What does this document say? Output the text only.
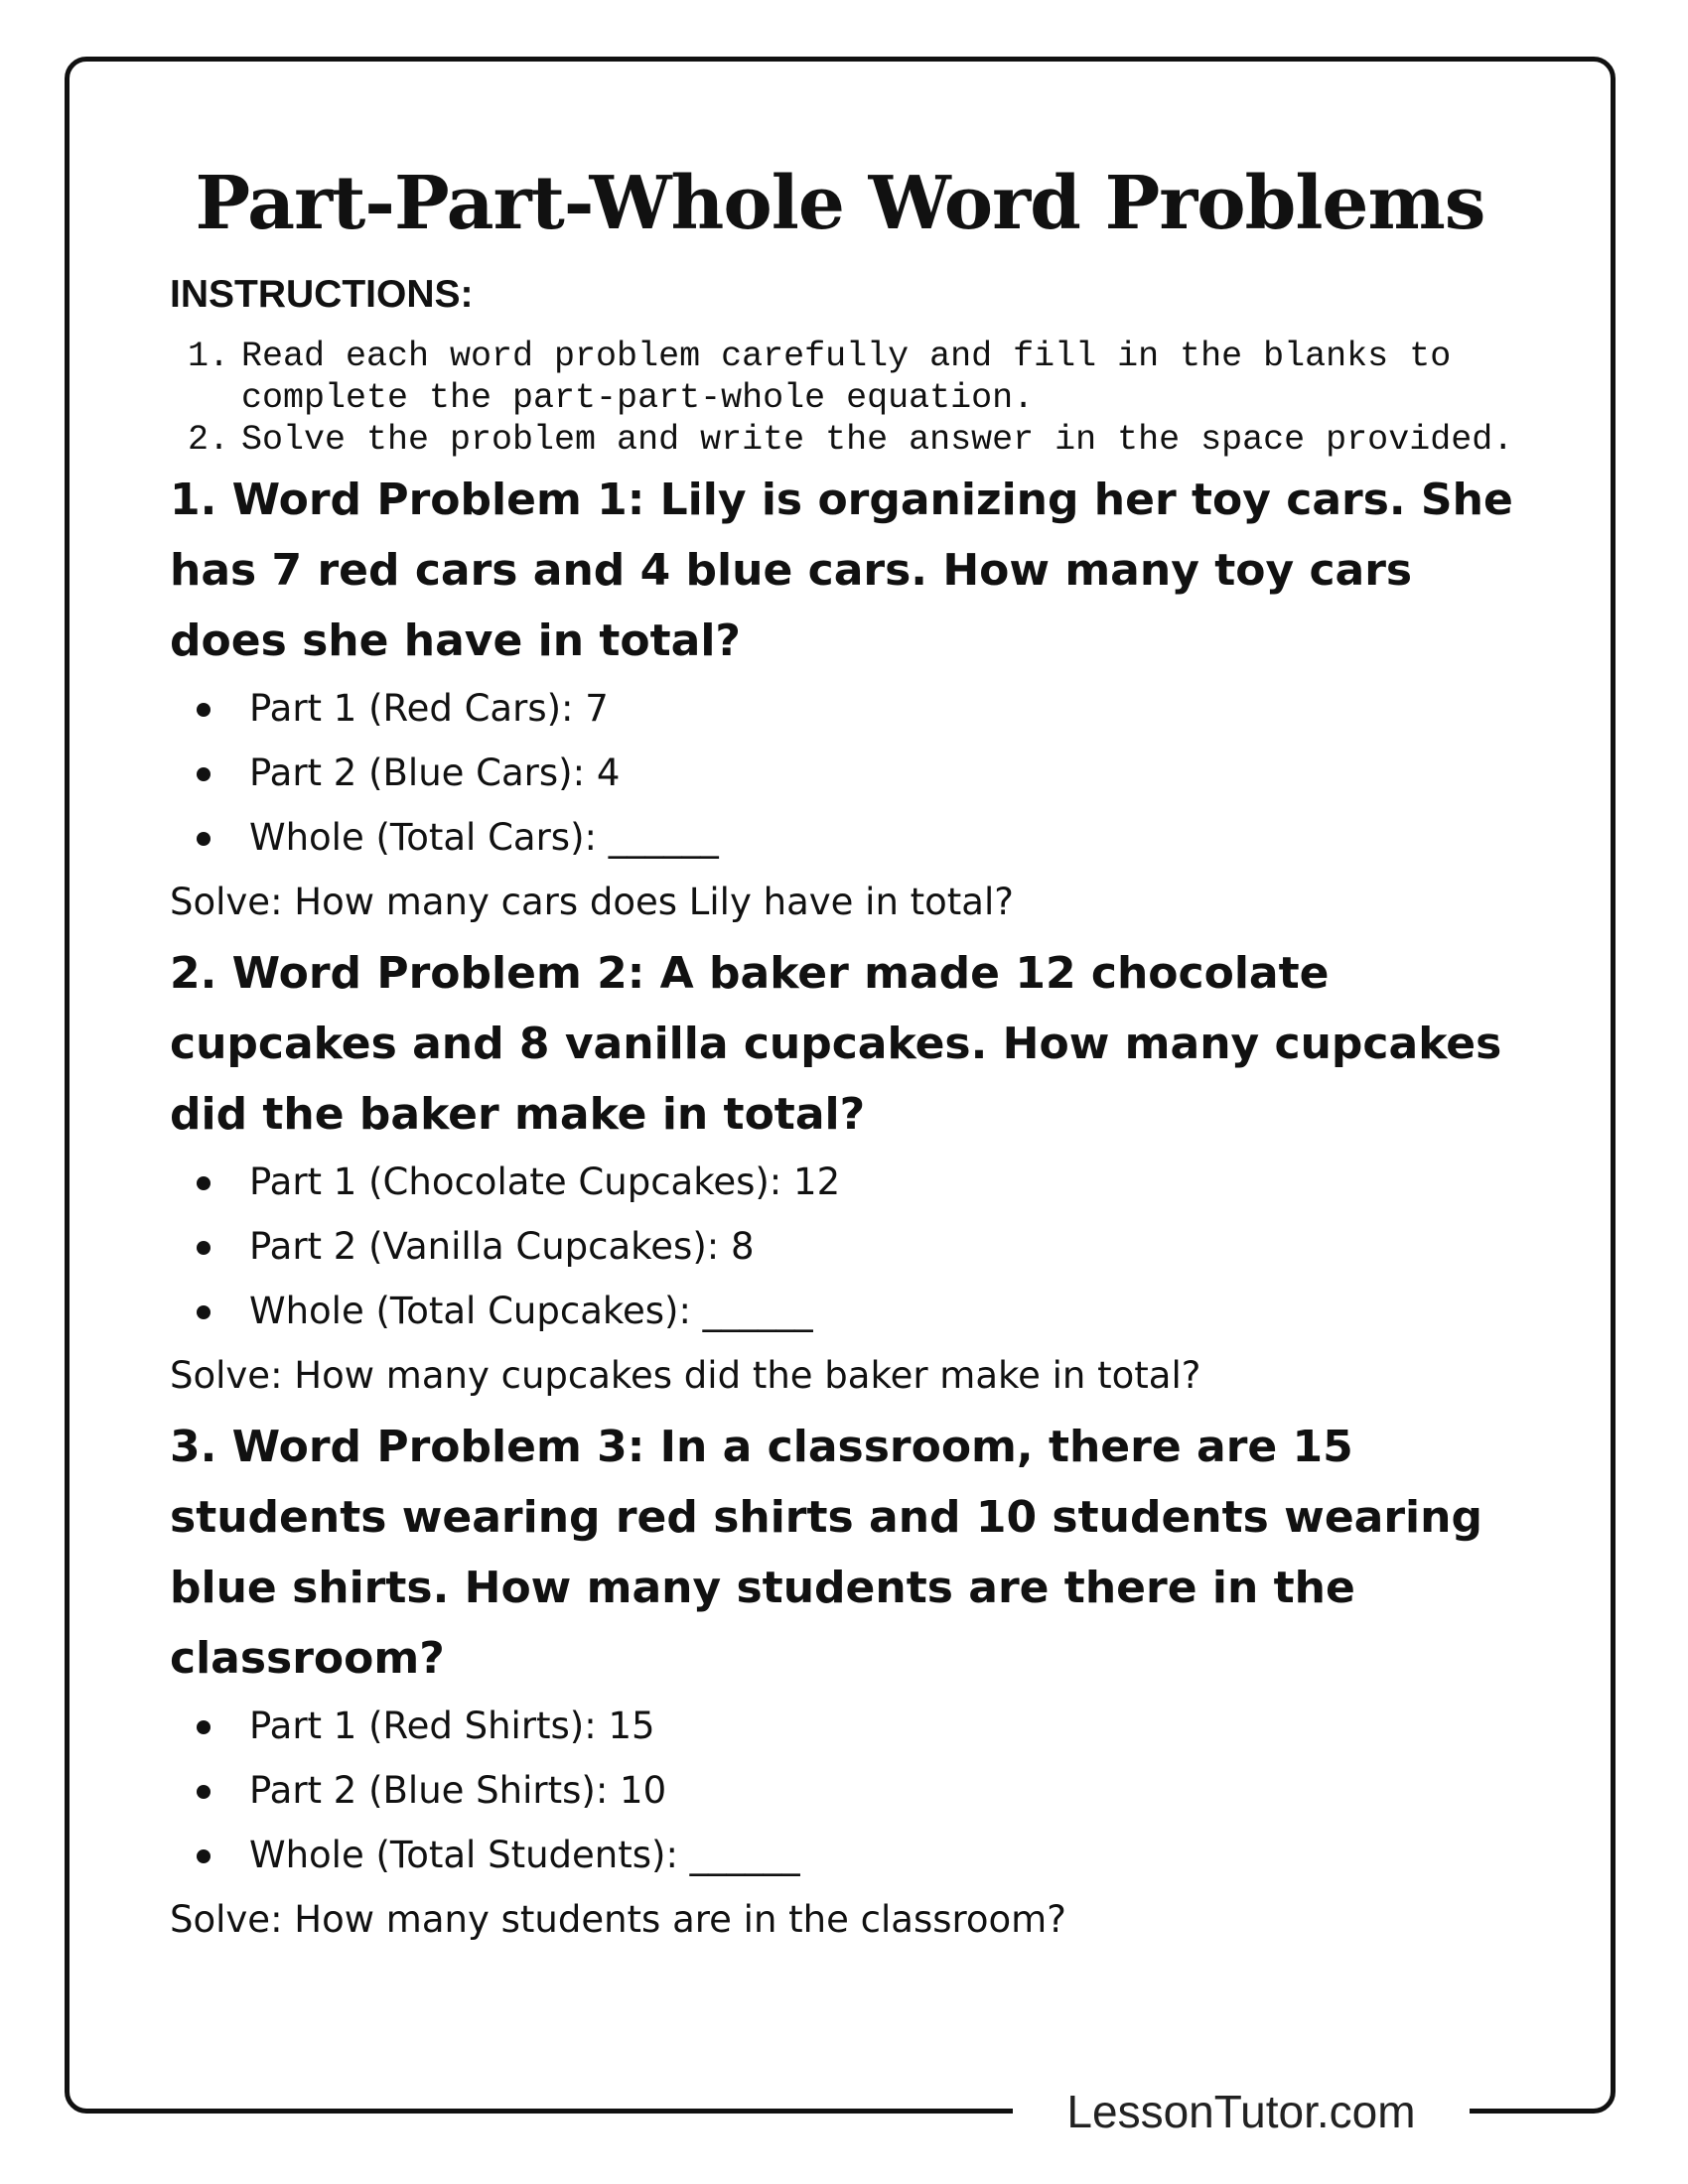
LessonTutor.com
Part-Part-Whole Word Problems
INSTRUCTIONS:
1. Read each word problem carefully and fill in the blanks to complete the part-part-whole equation.
2. Solve the problem and write the answer in the space provided.
1. Word Problem 1: Lily is organizing her toy cars. She has 7 red cars and 4 blue cars. How many toy cars does she have in total?
Part 1 (Red Cars): 7
Part 2 (Blue Cars): 4
Whole (Total Cars): ______

Solve: How many cars does Lily have in total?

2. Word Problem 2: A baker made 12 chocolate cupcakes and 8 vanilla cupcakes. How many cupcakes did the baker make in total?
Part 1 (Chocolate Cupcakes): 12
Part 2 (Vanilla Cupcakes): 8
Whole (Total Cupcakes): ______

Solve: How many cupcakes did the baker make in total?

3. Word Problem 3: In a classroom, there are 15 students wearing red shirts and 10 students wearing blue shirts. How many students are there in the classroom?
Part 1 (Red Shirts): 15
Part 2 (Blue Shirts): 10
Whole (Total Students): ______

Solve: How many students are in the classroom?
